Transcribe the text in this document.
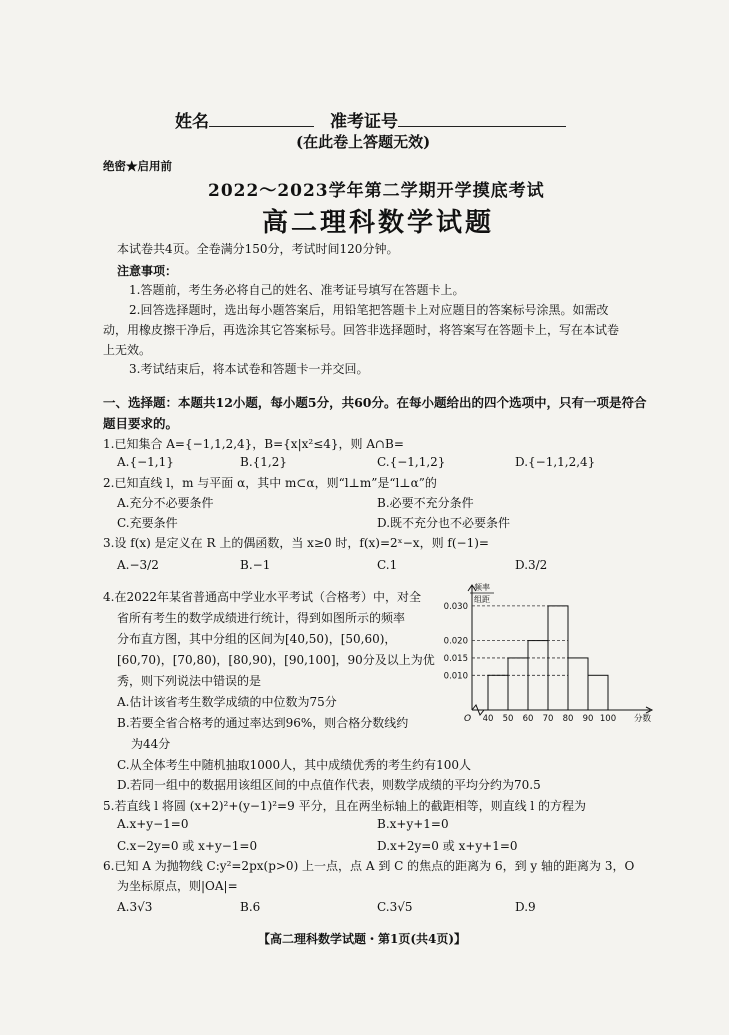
姓名	准考证号
(在此卷上答题无效)
绝密★启用前
2022～2023学年第二学期开学摸底考试
高二理科数学试题
本试卷共4页。全卷满分150分，考试时间120分钟。
注意事项：
1.答题前，考生务必将自己的姓名、准考证号填写在答题卡上。
2.回答选择题时，选出每小题答案后，用铅笔把答题卡上对应题目的答案标号涂黑。如需改
动，用橡皮擦干净后，再选涂其它答案标号。回答非选择题时，将答案写在答题卡上，写在本试卷
上无效。
3.考试结束后，将本试卷和答题卡一并交回。
一、选择题：本题共12小题，每小题5分，共60分。在每小题给出的四个选项中，只有一项是符合
题目要求的。
1.已知集合 A={−1,1,2,4}，B={x|x²≤4}，则 A∩B=
A.{−1,1}	B.{1,2}	C.{−1,1,2}	D.{−1,1,2,4}
2.已知直线 l，m 与平面 α，其中 m⊂α，则“l⊥m”是“l⊥α”的
A.充分不必要条件	B.必要不充分条件
C.充要条件	D.既不充分也不必要条件
3.设 f(x) 是定义在 R 上的偶函数，当 x≥0 时，f(x)=2ˣ−x，则 f(−1)=
A.−3/2	B.−1	C.1	D.3/2
4.在2022年某省普通高中学业水平考试（合格考）中，对全
省所有考生的数学成绩进行统计，得到如图所示的频率
分布直方图，其中分组的区间为[40,50)，[50,60)，
[60,70)，[70,80)，[80,90)，[90,100]，90分及以上为优
秀，则下列说法中错误的是
A.估计该省考生数学成绩的中位数为75分
B.若要全省合格考的通过率达到96%，则合格分数线约
为44分
C.从全体考生中随机抽取1000人，其中成绩优秀的考生约有100人
D.若同一组中的数据用该组区间的中点值作代表，则数学成绩的平均分约为70.5
0.010
0.015
0.020
0.030
40 50 60 70 80 90 100
O	分数
频率
组距
5.若直线 l 将圆 (x+2)²+(y−1)²=9 平分，且在两坐标轴上的截距相等，则直线 l 的方程为
A.x+y−1=0	B.x+y+1=0
C.x−2y=0 或 x+y−1=0	D.x+2y=0 或 x+y+1=0
6.已知 A 为抛物线 C:y²=2px(p>0) 上一点，点 A 到 C 的焦点的距离为 6，到 y 轴的距离为 3，O
为坐标原点，则|OA|=
A.3√3	B.6	C.3√5	D.9
【高二理科数学试题・第1页(共4页)】
